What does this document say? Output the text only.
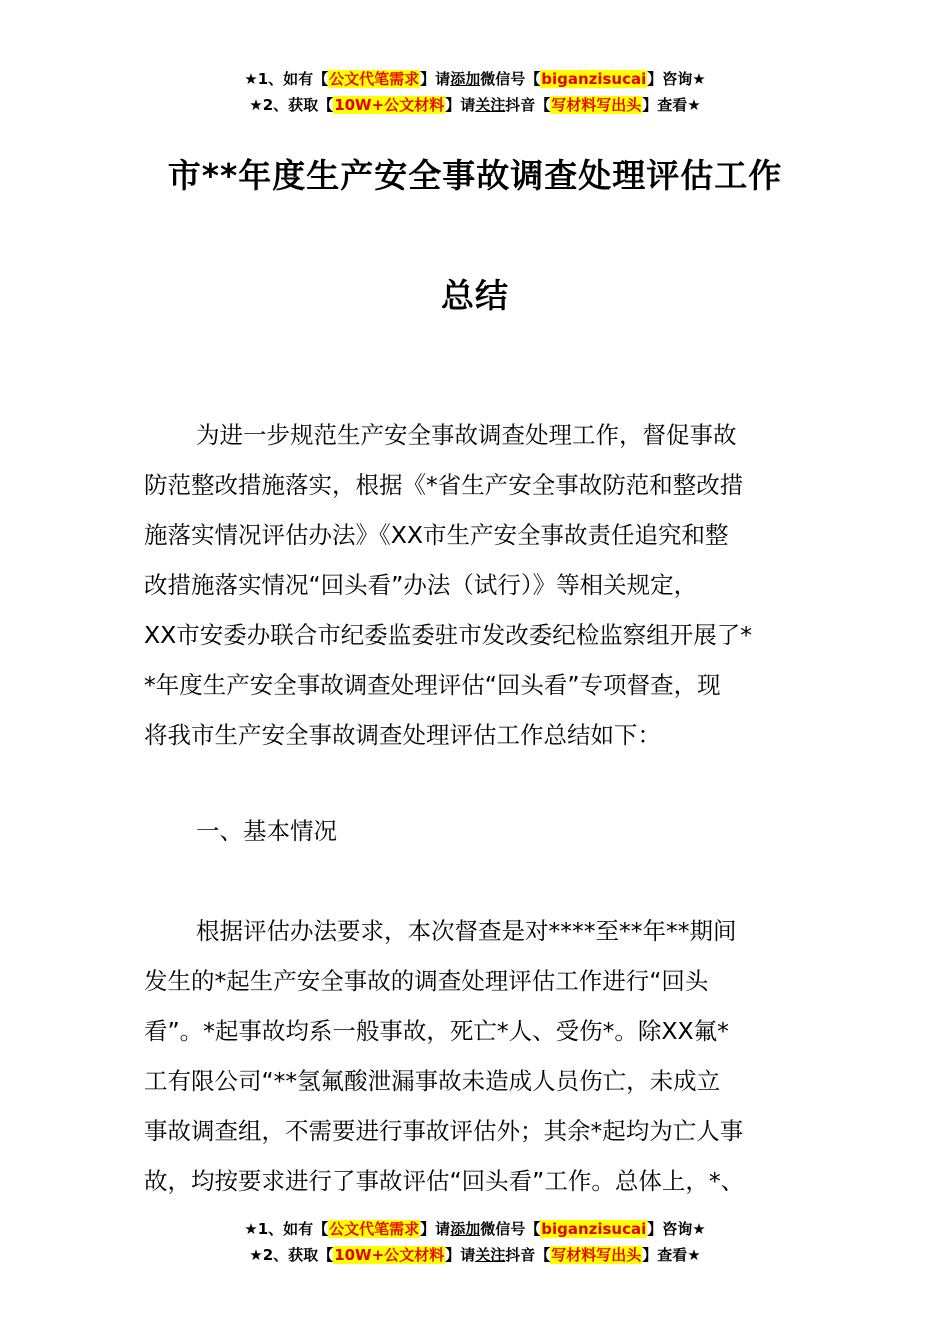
★1、如有【公文代笔需求】请添加微信号【biganzisucai】咨询★
★2、获取【10W+公文材料】请关注抖音【写材料写出头】查看★
市**年度生产安全事故调查处理评估工作
总结
为进一步规范生产安全事故调查处理工作，督促事故
防范整改措施落实，根据《*省生产安全事故防范和整改措
施落实情况评估办法》《XX市生产安全事故责任追究和整
改措施落实情况“回头看”办法（试行）》等相关规定，
XX市安委办联合市纪委监委驻市发改委纪检监察组开展了*
*年度生产安全事故调查处理评估“回头看”专项督查，现
将我市生产安全事故调查处理评估工作总结如下：
一、基本情况
根据评估办法要求，本次督查是对****至**年**期间
发生的*起生产安全事故的调查处理评估工作进行“回头
看”。*起事故均系一般事故，死亡*人、受伤*。除XX氟*
工有限公司“**氢氟酸泄漏事故未造成人员伤亡，未成立
事故调查组，不需要进行事故评估外；其余*起均为亡人事
故，均按要求进行了事故评估“回头看”工作。总体上，*、
★1、如有【公文代笔需求】请添加微信号【biganzisucai】咨询★
★2、获取【10W+公文材料】请关注抖音【写材料写出头】查看★
